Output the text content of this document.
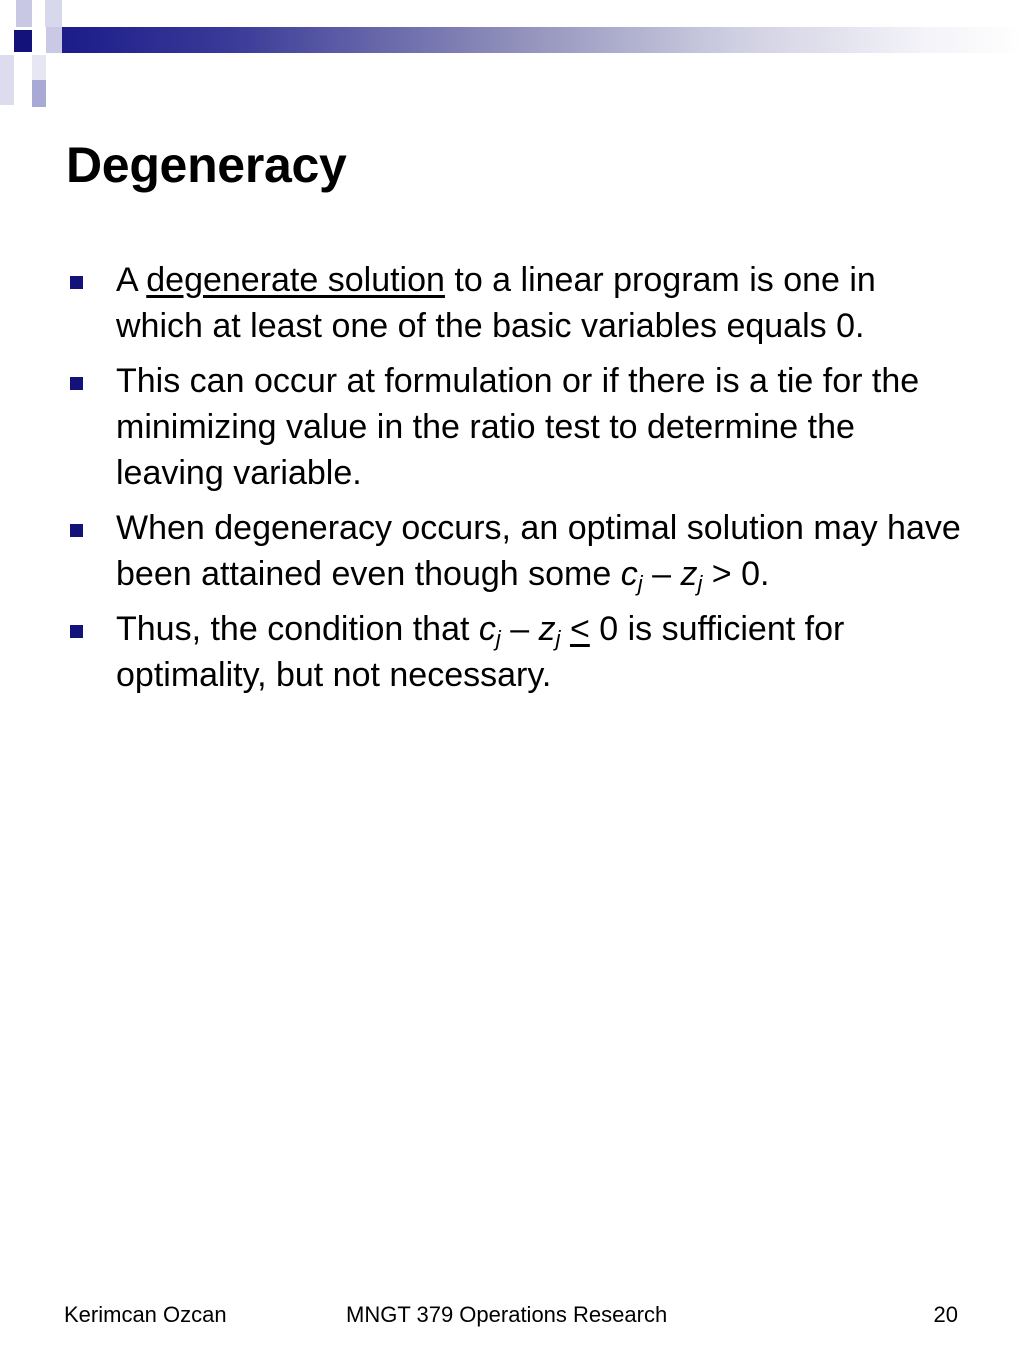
Degeneracy
A degenerate solution to a linear program is one in which at least one of the basic variables equals 0.
This can occur at formulation or if there is a tie for the minimizing value in the ratio test to determine the leaving variable.
When degeneracy occurs, an optimal solution may have been attained even though some $c_j - z_j > 0$.
Thus, the condition that $c_j - z_j < 0$ is sufficient for optimality, but not necessary.
Kerimcan Ozcan	MNGT 379 Operations Research	20
